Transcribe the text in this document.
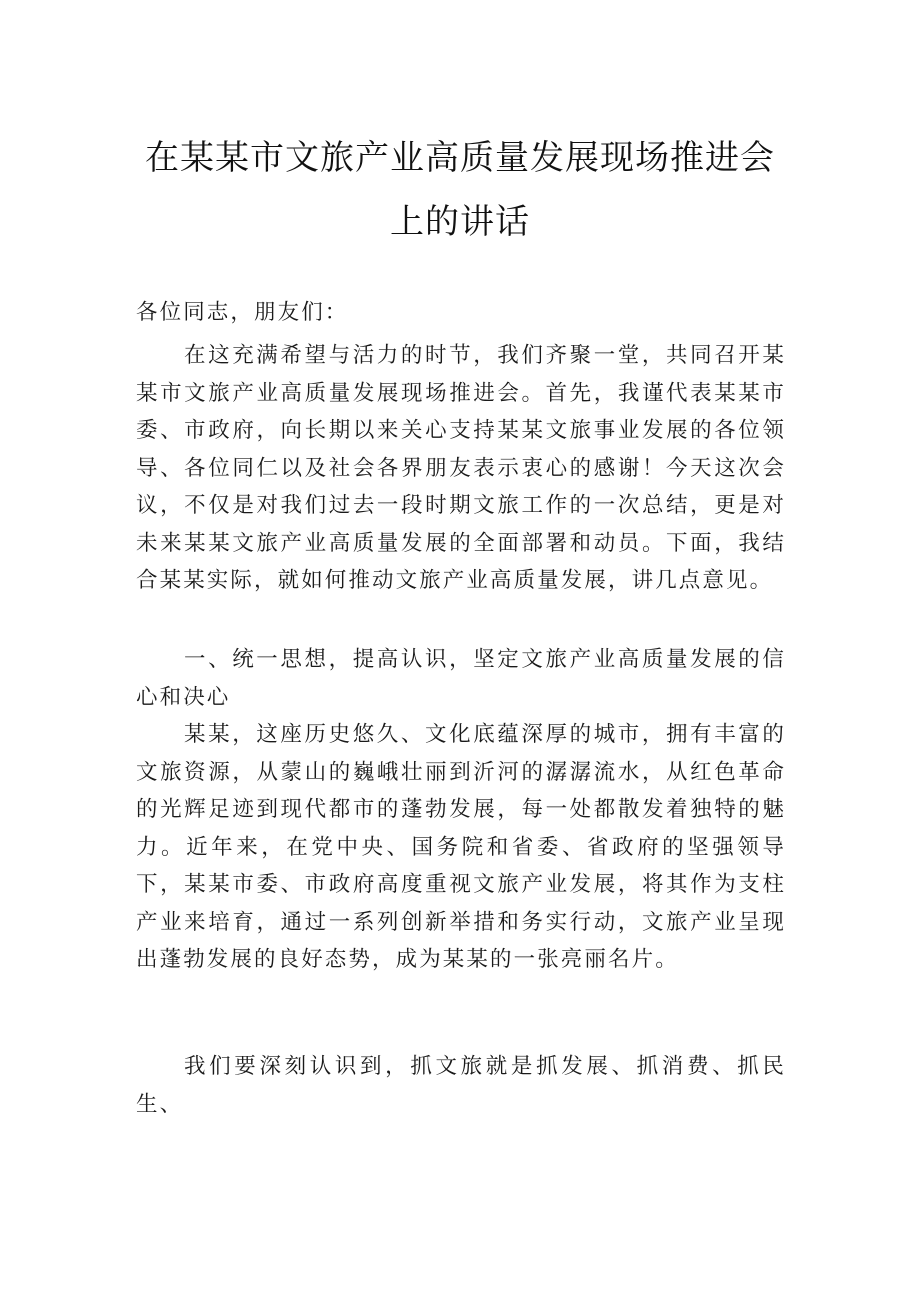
在某某市文旅产业高质量发展现场推进会
上的讲话

各位同志，朋友们：

在这充满希望与活力的时节，我们齐聚一堂，共同召开某某市文旅产业高质量发展现场推进会。首先，我谨代表某某市委、市政府，向长期以来关心支持某某文旅事业发展的各位领导、各位同仁以及社会各界朋友表示衷心的感谢！今天这次会议，不仅是对我们过去一段时期文旅工作的一次总结，更是对未来某某文旅产业高质量发展的全面部署和动员。下面，我结合某某实际，就如何推动文旅产业高质量发展，讲几点意见。

一、统一思想，提高认识，坚定文旅产业高质量发展的信心和决心

某某，这座历史悠久、文化底蕴深厚的城市，拥有丰富的文旅资源，从蒙山的巍峨壮丽到沂河的潺潺流水，从红色革命的光辉足迹到现代都市的蓬勃发展，每一处都散发着独特的魅力。近年来，在党中央、国务院和省委、省政府的坚强领导下，某某市委、市政府高度重视文旅产业发展，将其作为支柱产业来培育，通过一系列创新举措和务实行动，文旅产业呈现出蓬勃发展的良好态势，成为某某的一张亮丽名片。

我们要深刻认识到，抓文旅就是抓发展、抓消费、抓民生、
